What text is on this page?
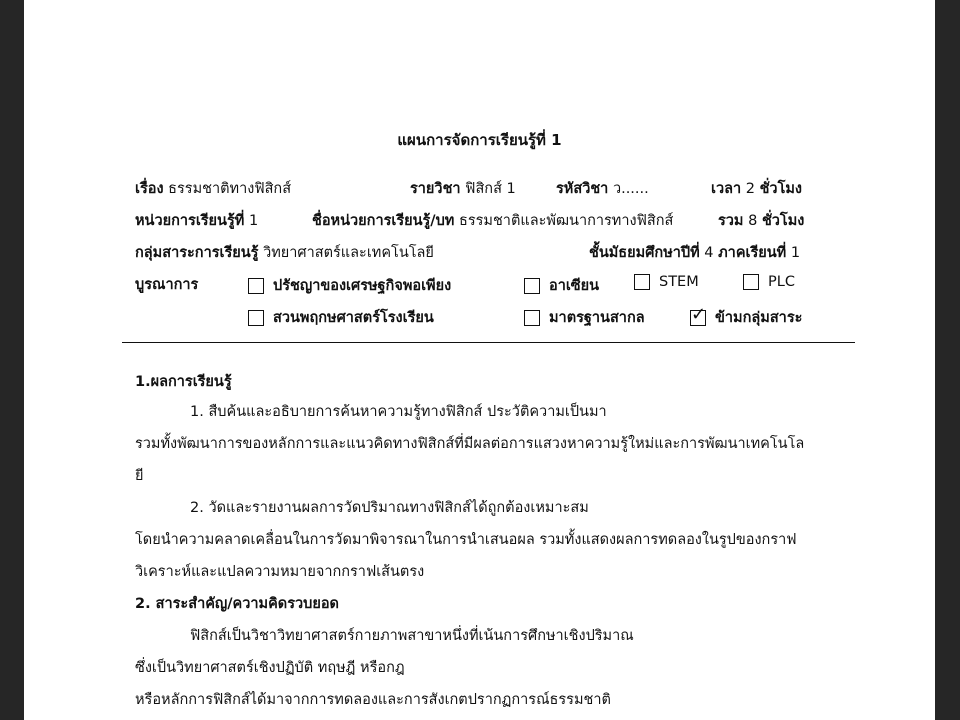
แผนการจัดการเรียนรู้ที่ 1
เรื่อง ธรรมชาติทางฟิสิกส์	รายวิชา ฟิสิกส์ 1	รหัสวิชา ว......	เวลา 2 ชั่วโมง
หน่วยการเรียนรู้ที่ 1	ชื่อหน่วยการเรียนรู้/บท ธรรมชาติและพัฒนาการทางฟิสิกส์	รวม 8 ชั่วโมง
กลุ่มสาระการเรียนรู้ วิทยาศาสตร์และเทคโนโลยี	ชั้นมัธยมศึกษาปีที่ 4 ภาคเรียนที่ 1
บูรณาการ	ปรัชญาของเศรษฐกิจพอเพียง	อาเซียน	STEM	PLC
สวนพฤกษศาสตร์โรงเรียน	มาตรฐานสากล
✓	ข้ามกลุ่มสาระ
1.ผลการเรียนรู้
1. สืบค้นและอธิบายการค้นหาความรู้ทางฟิสิกส์ ประวัติความเป็นมา
รวมทั้งพัฒนาการของหลักการและแนวคิดทางฟิสิกส์ที่มีผลต่อการแสวงหาความรู้ใหม่และการพัฒนาเทคโนโล
ยี
2. วัดและรายงานผลการวัดปริมาณทางฟิสิกส์ได้ถูกต้องเหมาะสม
โดยนำความคลาดเคลื่อนในการวัดมาพิจารณาในการนำเสนอผล รวมทั้งแสดงผลการทดลองในรูปของกราฟ
วิเคราะห์และแปลความหมายจากกราฟเส้นตรง
2. สาระสำคัญ/ความคิดรวบยอด
ฟิสิกส์เป็นวิชาวิทยาศาสตร์กายภาพสาขาหนึ่งที่เน้นการศึกษาเชิงปริมาณ
ซึ่งเป็นวิทยาศาสตร์เชิงปฏิบัติ ทฤษฎี หรือกฎ
หรือหลักการฟิสิกส์ได้มาจากการทดลองและการสังเกตปรากฏการณ์ธรรมชาติ
